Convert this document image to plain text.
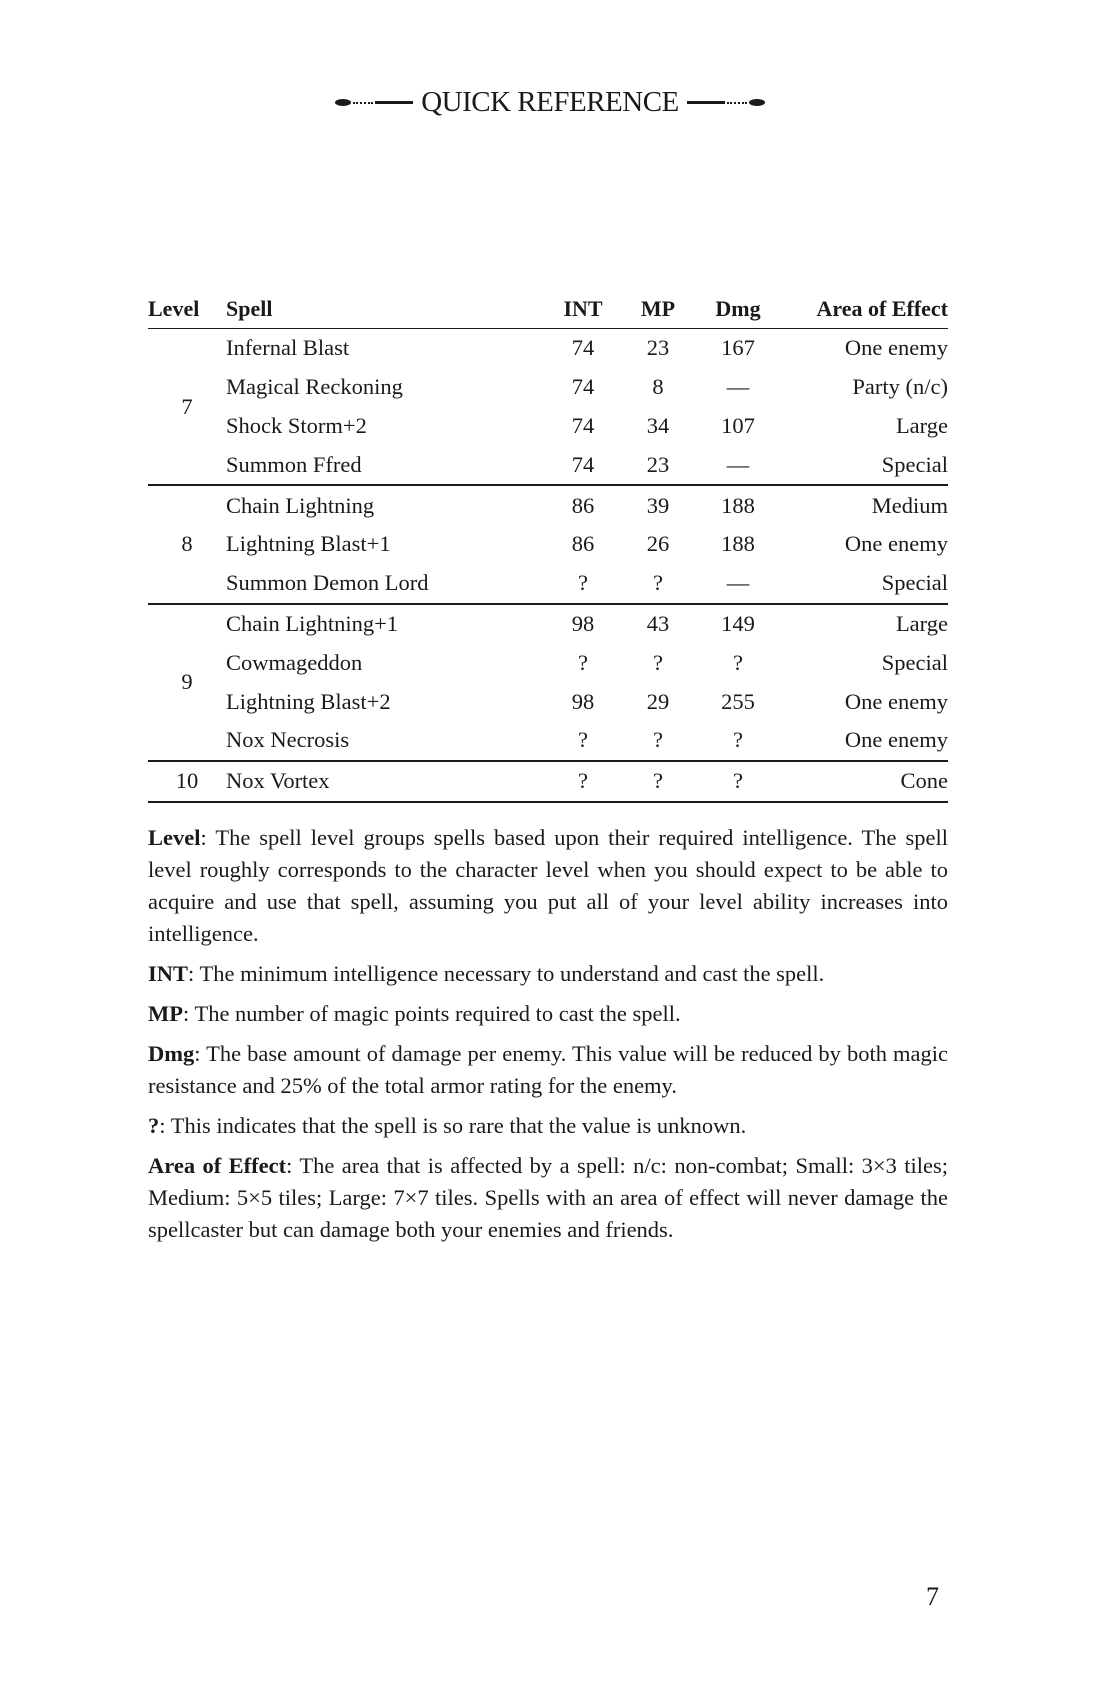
QUICK REFERENCE
Level	Spell	INT	MP	Dmg	Area of Effect
7	Infernal Blast	74	23	167	One enemy
	Magical Reckoning	74	8	—	Party (n/c)
	Shock Storm+2	74	34	107	Large
	Summon Ffred	74	23	—	Special
8	Chain Lightning	86	39	188	Medium
	Lightning Blast+1	86	26	188	One enemy
	Summon Demon Lord	?	?	—	Special
9	Chain Lightning+1	98	43	149	Large
	Cowmageddon	?	?	?	Special
	Lightning Blast+2	98	29	255	One enemy
	Nox Necrosis	?	?	?	One enemy
10	Nox Vortex	?	?	?	Cone

Level: The spell level groups spells based upon their required intelligence. The spell level roughly corresponds to the character level when you should expect to be able to acquire and use that spell, assuming you put all of your level ability increases into intelligence.

INT: The minimum intelligence necessary to understand and cast the spell.

MP: The number of magic points required to cast the spell.

Dmg: The base amount of damage per enemy. This value will be reduced by both magic resistance and 25% of the total armor rating for the enemy.

?: This indicates that the spell is so rare that the value is unknown.

Area of Effect: The area that is affected by a spell: n/c: non-combat; Small: 3×3 tiles; Medium: 5×5 tiles; Large: 7×7 tiles. Spells with an area of effect will never damage the spellcaster but can damage both your enemies and friends.

7
